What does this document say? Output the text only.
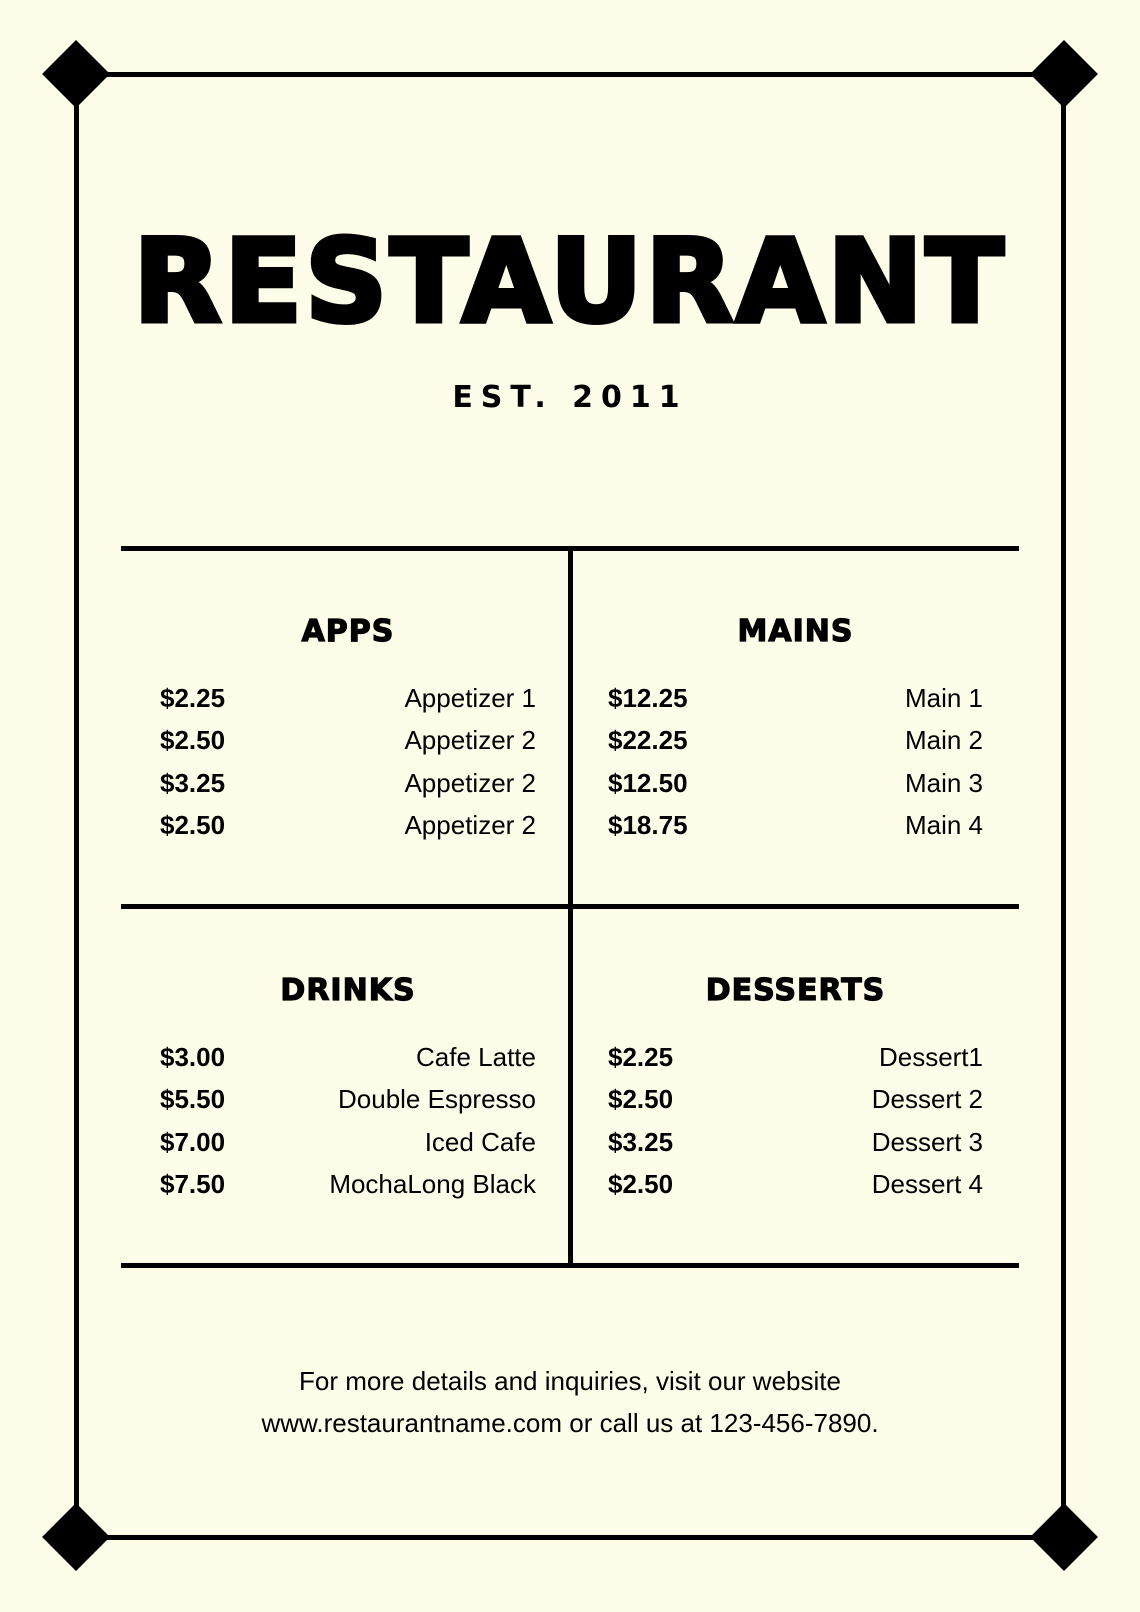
RESTAURANT
EST. 2011
APPS
$2.25	Appetizer 1
$2.50	Appetizer 2
$3.25	Appetizer 2
$2.50	Appetizer 2
MAINS
$12.25	Main 1
$22.25	Main 2
$12.50	Main 3
$18.75	Main 4
DRINKS
$3.00	Cafe Latte
$5.50	Double Espresso
$7.00	Iced Cafe
$7.50	MochaLong Black
DESSERTS
$2.25	Dessert1
$2.50	Dessert 2
$3.25	Dessert 3
$2.50	Dessert 4
For more details and inquiries, visit our website
www.restaurantname.com or call us at 123-456-7890.
